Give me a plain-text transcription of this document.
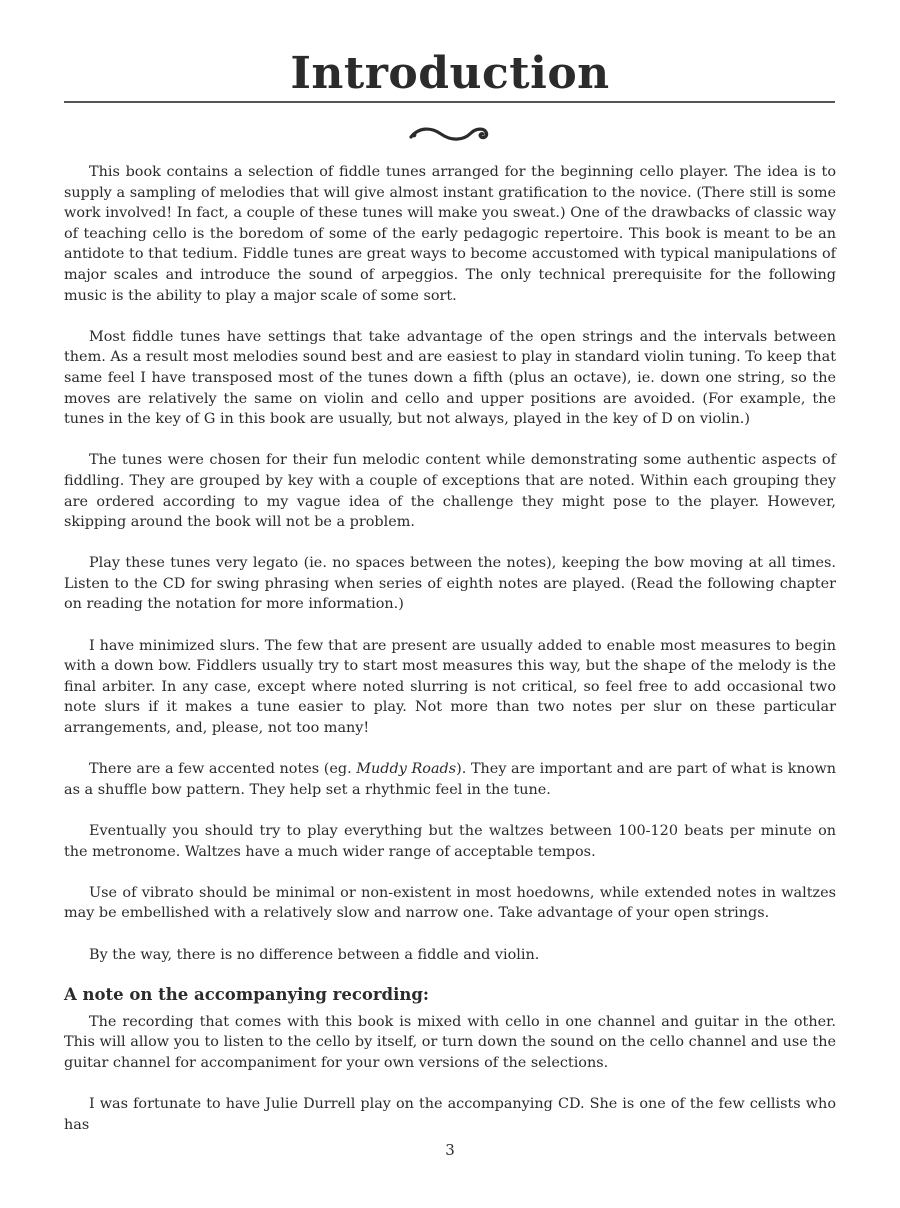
Introduction

This book contains a selection of fiddle tunes arranged for the beginning cello player. The idea is to supply a sampling of melodies that will give almost instant gratification to the novice. (There still is some work involved! In fact, a couple of these tunes will make you sweat.) One of the drawbacks of classic way of teaching cello is the boredom of some of the early pedagogic repertoire. This book is meant to be an antidote to that tedium. Fiddle tunes are great ways to become accustomed with typical manipulations of major scales and introduce the sound of arpeggios. The only technical prerequisite for the following music is the ability to play a major scale of some sort.

Most fiddle tunes have settings that take advantage of the open strings and the intervals between them. As a result most melodies sound best and are easiest to play in standard violin tuning. To keep that same feel I have transposed most of the tunes down a fifth (plus an octave), ie. down one string, so the moves are relatively the same on violin and cello and upper positions are avoided. (For example, the tunes in the key of G in this book are usually, but not always, played in the key of D on violin.)

The tunes were chosen for their fun melodic content while demonstrating some authentic aspects of fiddling. They are grouped by key with a couple of exceptions that are noted. Within each grouping they are ordered according to my vague idea of the challenge they might pose to the player. However, skipping around the book will not be a problem.

Play these tunes very legato (ie. no spaces between the notes), keeping the bow moving at all times. Listen to the CD for swing phrasing when series of eighth notes are played. (Read the following chapter on reading the notation for more information.)

I have minimized slurs. The few that are present are usually added to enable most measures to begin with a down bow. Fiddlers usually try to start most measures this way, but the shape of the melody is the final arbiter. In any case, except where noted slurring is not critical, so feel free to add occasional two note slurs if it makes a tune easier to play. Not more than two notes per slur on these particular arrangements, and, please, not too many!

There are a few accented notes (eg. Muddy Roads). They are important and are part of what is known as a shuffle bow pattern. They help set a rhythmic feel in the tune.

Eventually you should try to play everything but the waltzes between 100-120 beats per minute on the metronome. Waltzes have a much wider range of acceptable tempos.

Use of vibrato should be minimal or non-existent in most hoedowns, while extended notes in waltzes may be embellished with a relatively slow and narrow one. Take advantage of your open strings.

By the way, there is no difference between a fiddle and violin.

A note on the accompanying recording:

The recording that comes with this book is mixed with cello in one channel and guitar in the other. This will allow you to listen to the cello by itself, or turn down the sound on the cello channel and use the guitar channel for accompaniment for your own versions of the selections.

I was fortunate to have Julie Durrell play on the accompanying CD. She is one of the few cellists who has

3
